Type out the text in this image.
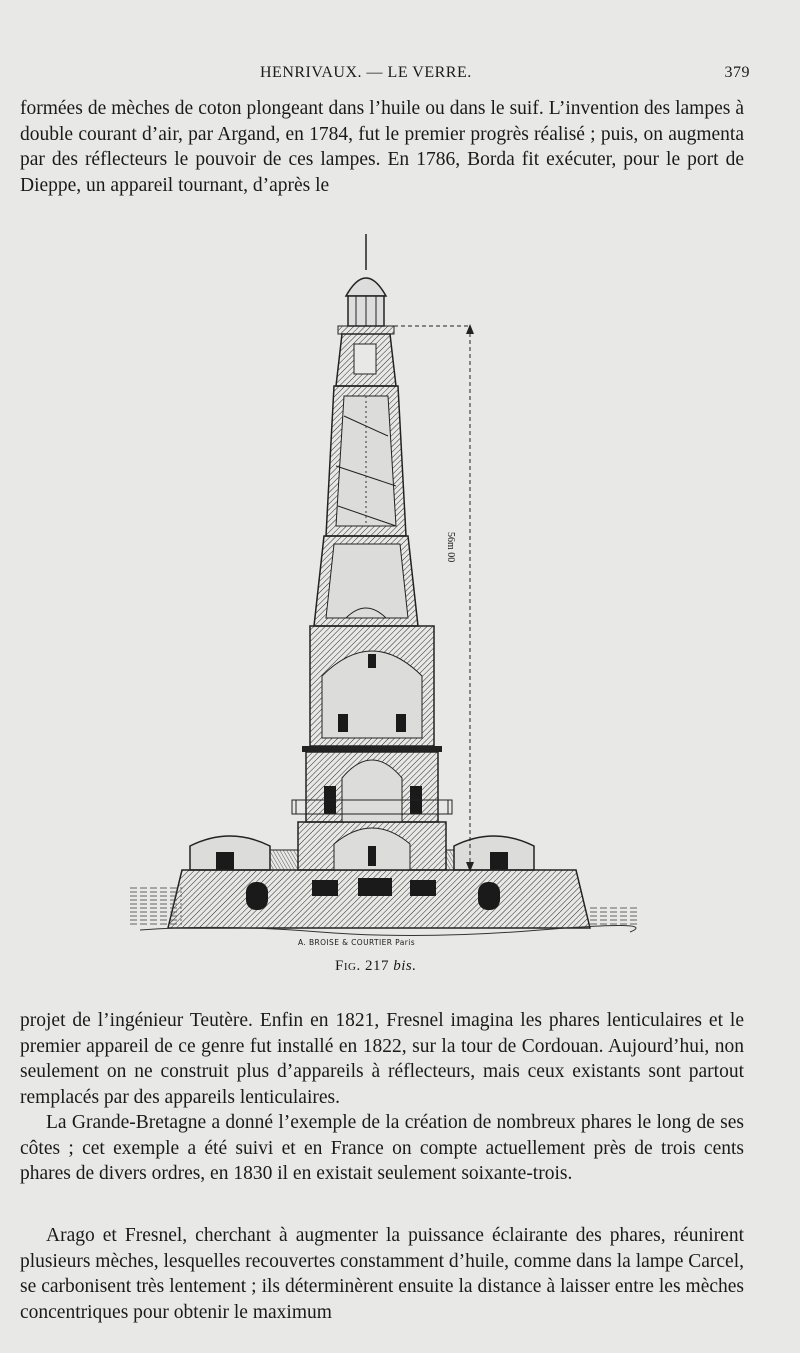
HENRIVAUX. — LE VERRE.	379

formées de mèches de coton plongeant dans l’huile ou dans le suif. L’invention des lampes à double courant d’air, par Argand, en 1784, fut le premier progrès réalisé ; puis, on augmenta par des réflecteurs le pouvoir de ces lampes. En 1786, Borda fit exécuter, pour le port de Dieppe, un appareil tournant, d’après le

56m 00
A. BROISE & COURTIER Paris
Fig. 217 bis.

projet de l’ingénieur Teutère. Enfin en 1821, Fresnel imagina les phares lenticulaires et le premier appareil de ce genre fut installé en 1822, sur la tour de Cordouan. Aujourd’hui, non seulement on ne construit plus d’appareils à réflecteurs, mais ceux existants sont partout remplacés par des appareils lenticulaires.

La Grande-Bretagne a donné l’exemple de la création de nombreux phares le long de ses côtes ; cet exemple a été suivi et en France on compte actuellement près de trois cents phares de divers ordres, en 1830 il en existait seulement soixante-trois.

Arago et Fresnel, cherchant à augmenter la puissance éclairante des phares, réunirent plusieurs mèches, lesquelles recouvertes constamment d’huile, comme dans la lampe Carcel, se carbonisent très lentement ; ils déterminèrent ensuite la distance à laisser entre les mèches concentriques pour obtenir le maximum
